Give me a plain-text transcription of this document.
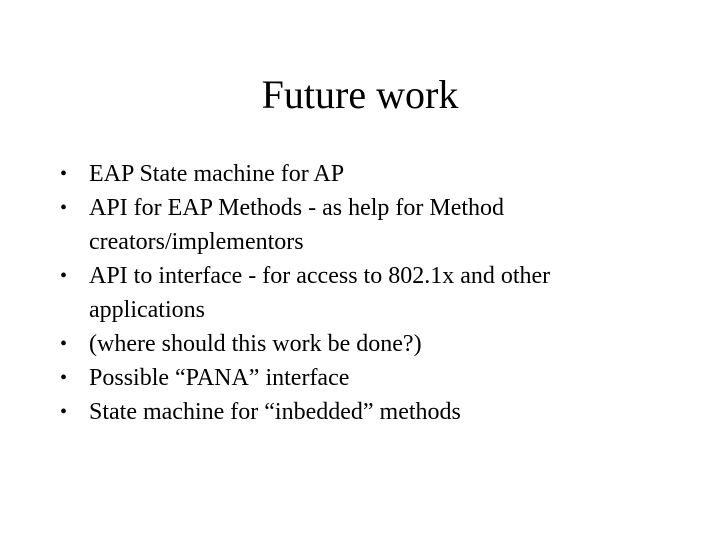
Future work
• EAP State machine for AP
• API for EAP Methods - as help for Method creators/implementors
• API to interface - for access to 802.1x and other applications
• (where should this work be done?)
• Possible “PANA” interface
• State machine for “inbedded” methods
